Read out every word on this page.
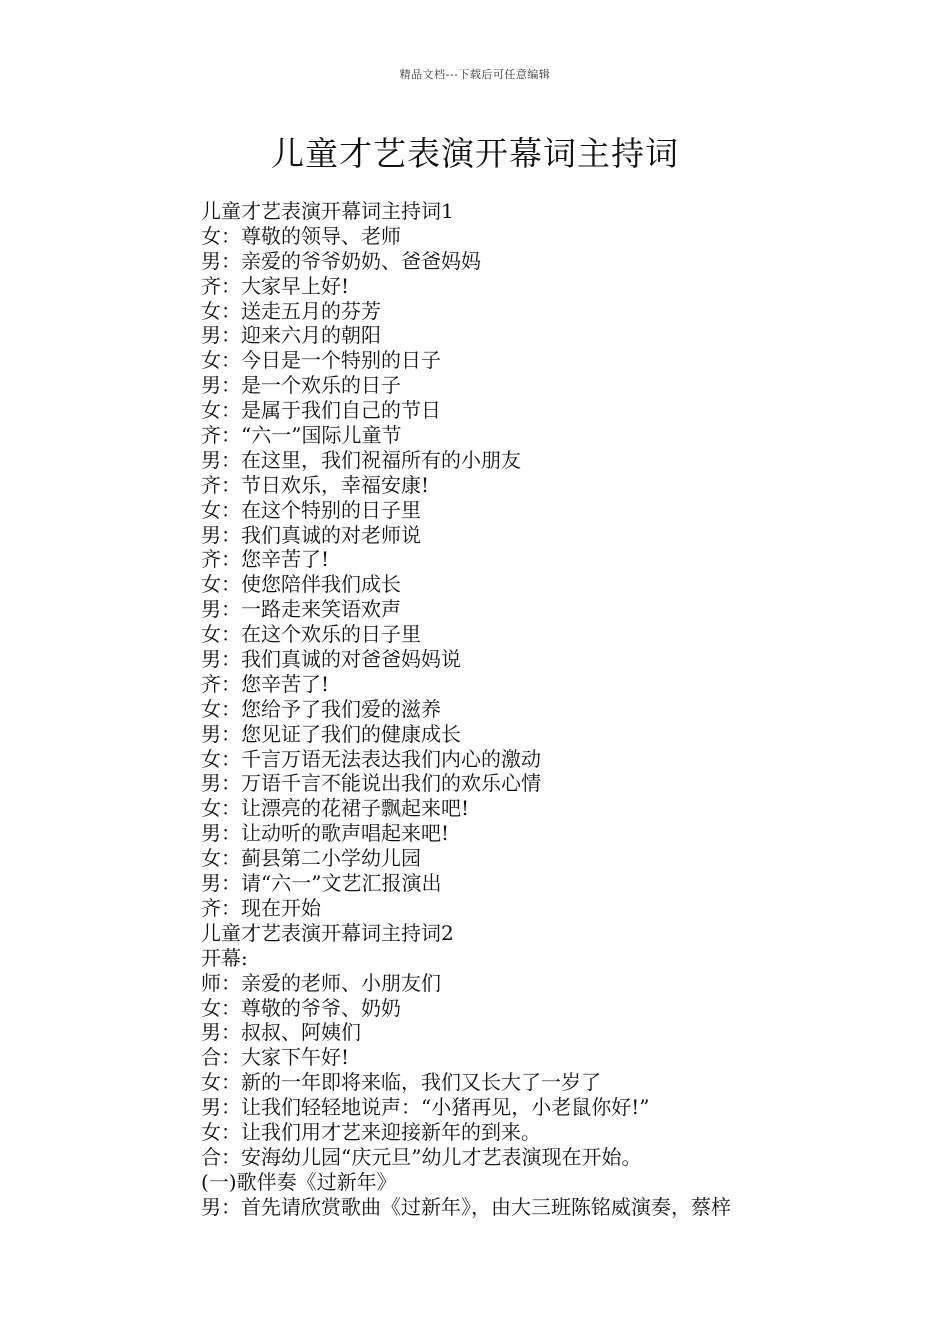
精品文档---下载后可任意编辑
儿童才艺表演开幕词主持词
儿童才艺表演开幕词主持词1
女：尊敬的领导、老师
男：亲爱的爷爷奶奶、爸爸妈妈
齐：大家早上好!
女：送走五月的芬芳
男：迎来六月的朝阳
女：今日是一个特别的日子
男：是一个欢乐的日子
女：是属于我们自己的节日
齐：“六一”国际儿童节
男：在这里，我们祝福所有的小朋友
齐：节日欢乐，幸福安康!
女：在这个特别的日子里
男：我们真诚的对老师说
齐：您辛苦了!
女：使您陪伴我们成长
男：一路走来笑语欢声
女：在这个欢乐的日子里
男：我们真诚的对爸爸妈妈说
齐：您辛苦了!
女：您给予了我们爱的滋养
男：您见证了我们的健康成长
女：千言万语无法表达我们内心的激动
男：万语千言不能说出我们的欢乐心情
女：让漂亮的花裙子飘起来吧!
男：让动听的歌声唱起来吧!
女：蓟县第二小学幼儿园
男：请“六一”文艺汇报演出
齐：现在开始
儿童才艺表演开幕词主持词2
开幕:
师：亲爱的老师、小朋友们
女：尊敬的爷爷、奶奶
男：叔叔、阿姨们
合：大家下午好!
女：新的一年即将来临，我们又长大了一岁了
男：让我们轻轻地说声：“小猪再见，小老鼠你好!”
女：让我们用才艺来迎接新年的到来。
合：安海幼儿园“庆元旦”幼儿才艺表演现在开始。
(一)歌伴奏《过新年》
男：首先请欣赏歌曲《过新年》，由大三班陈铭威演奏，蔡梓
